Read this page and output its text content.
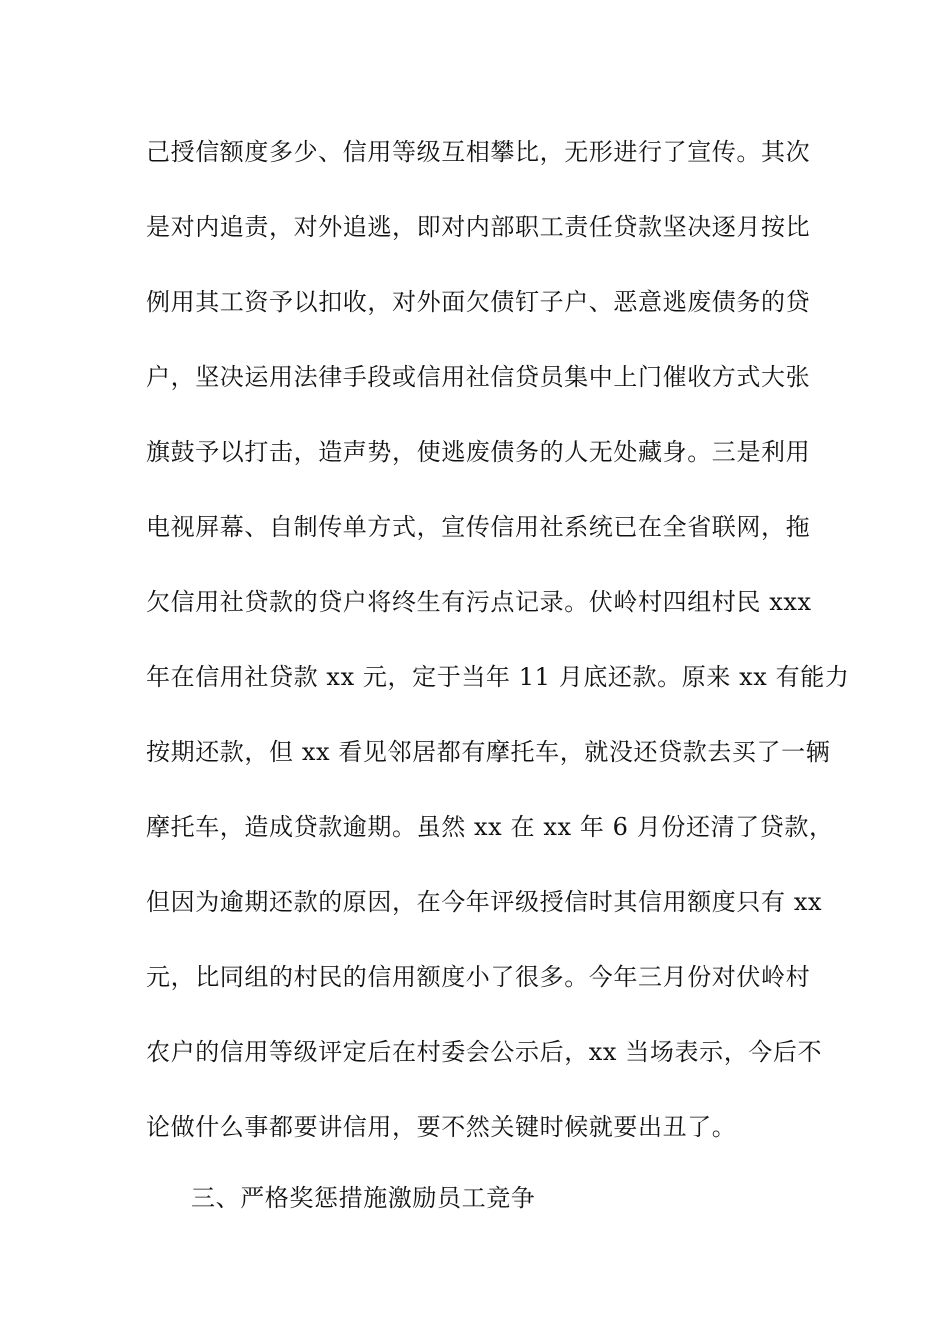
己授信额度多少、信用等级互相攀比，无形进行了宣传。其次
是对内追责，对外追逃，即对内部职工责任贷款坚决逐月按比
例用其工资予以扣收，对外面欠债钉子户、恶意逃废债务的贷
户，坚决运用法律手段或信用社信贷员集中上门催收方式大张
旗鼓予以打击，造声势，使逃废债务的人无处藏身。三是利用
电视屏幕、自制传单方式，宣传信用社系统已在全省联网，拖
欠信用社贷款的贷户将终生有污点记录。伏岭村四组村民 xxx
年在信用社贷款 xx 元，定于当年 11 月底还款。原来 xx 有能力
按期还款，但 xx 看见邻居都有摩托车，就没还贷款去买了一辆
摩托车，造成贷款逾期。虽然 xx 在 xx 年 6 月份还清了贷款，
但因为逾期还款的原因，在今年评级授信时其信用额度只有 xx
元，比同组的村民的信用额度小了很多。今年三月份对伏岭村
农户的信用等级评定后在村委会公示后，xx 当场表示，今后不
论做什么事都要讲信用，要不然关键时候就要出丑了。
三、严格奖惩措施激励员工竞争
